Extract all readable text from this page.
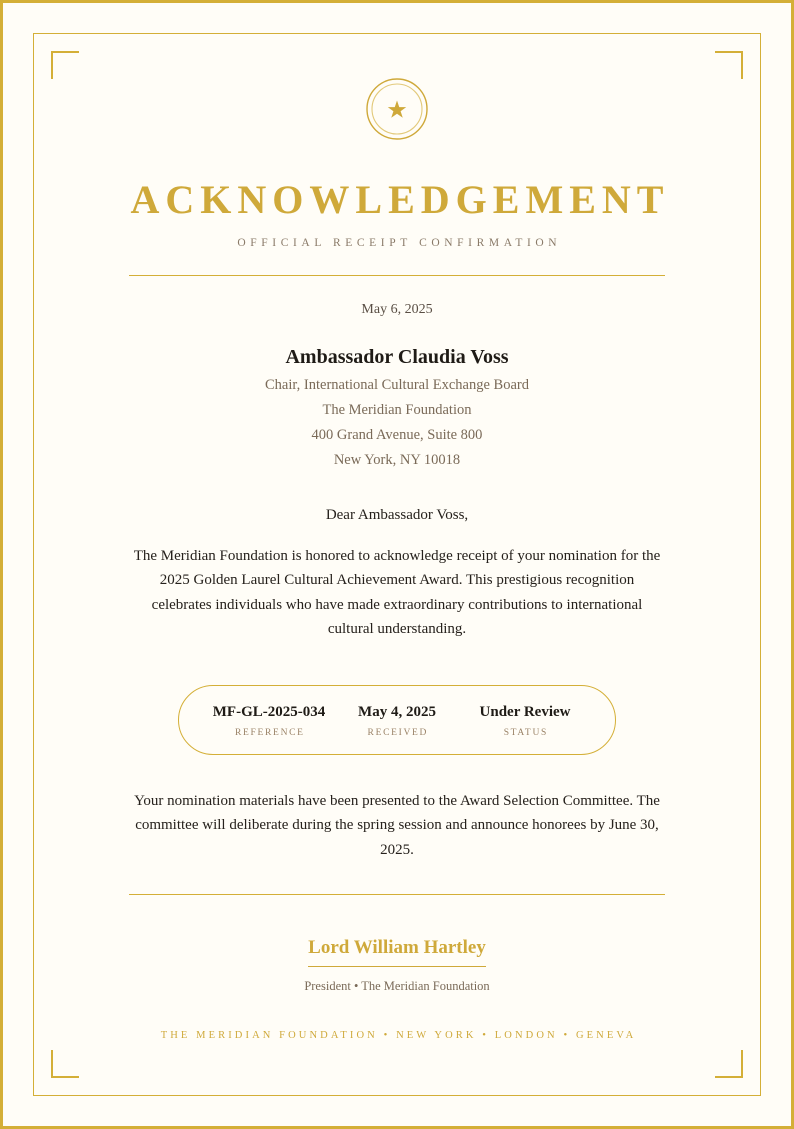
ACKNOWLEDGEMENT
OFFICIAL RECEIPT CONFIRMATION
May 6, 2025
Ambassador Claudia Voss
Chair, International Cultural Exchange Board
The Meridian Foundation
400 Grand Avenue, Suite 800
New York, NY 10018
Dear Ambassador Voss,
The Meridian Foundation is honored to acknowledge receipt of your nomination for the 2025 Golden Laurel Cultural Achievement Award. This prestigious recognition celebrates individuals who have made extraordinary contributions to international cultural understanding.
MF-GL-2025-034
REFERENCE
May 4, 2025
RECEIVED
Under Review
STATUS
Your nomination materials have been presented to the Award Selection Committee. The committee will deliberate during the spring session and announce honorees by June 30, 2025.
Lord William Hartley
President • The Meridian Foundation
THE MERIDIAN FOUNDATION • NEW YORK • LONDON • GENEVA
